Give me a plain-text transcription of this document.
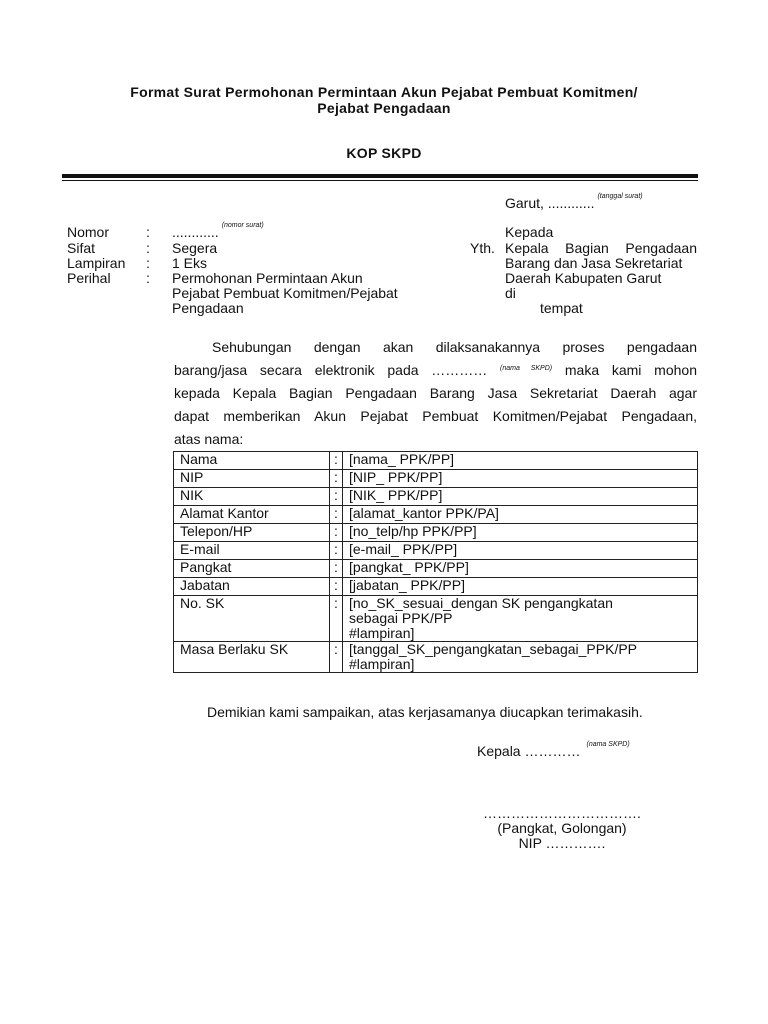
Format Surat Permohonan Permintaan Akun Pejabat Pembuat Komitmen/
Pejabat Pengadaan
KOP SKPD
Garut, ............ $^{(tanggal surat)}$
Nomor	: ............ $^{(nomor surat)}$
Sifat	: Segera
Lampiran : 1 Eks
Perihal	: Permohonan Permintaan Akun
Pejabat Pembuat Komitmen/Pejabat
Pengadaan
Kepada
Yth. Kepala Bagian Pengadaan
Barang dan Jasa Sekretariat
Daerah Kabupaten Garut
di
tempat
Sehubungan dengan akan dilaksanakannya proses pengadaan
barang/jasa secara elektronik pada ………… $^{(nama SKPD)}$ maka kami mohon
kepada Kepala Bagian Pengadaan Barang Jasa Sekretariat Daerah agar
dapat memberikan Akun Pejabat Pembuat Komitmen/Pejabat Pengadaan,
atas nama:
Nama	:	[nama_ PPK/PP]
NIP	:	[NIP_ PPK/PP]
NIK	:	[NIK_ PPK/PP]
Alamat Kantor	:	[alamat_kantor PPK/PA]
Telepon/HP	:	[no_telp/hp PPK/PP]
E-mail	:	[e-mail_ PPK/PP]
Pangkat	:	[pangkat_ PPK/PP]
Jabatan	:	[jabatan_ PPK/PP]
No. SK	:	[no_SK_sesuai_dengan SK pengangkatan
sebagai PPK/PP
#lampiran]
Masa Berlaku SK	:	[tanggal_SK_pengangkatan_sebagai_PPK/PP
#lampiran]
Demikian kami sampaikan, atas kerjasamanya diucapkan terimakasih.
Kepala ………… $^{(nama SKPD)}$
…………………………….
(Pangkat, Golongan)
NIP ………….
